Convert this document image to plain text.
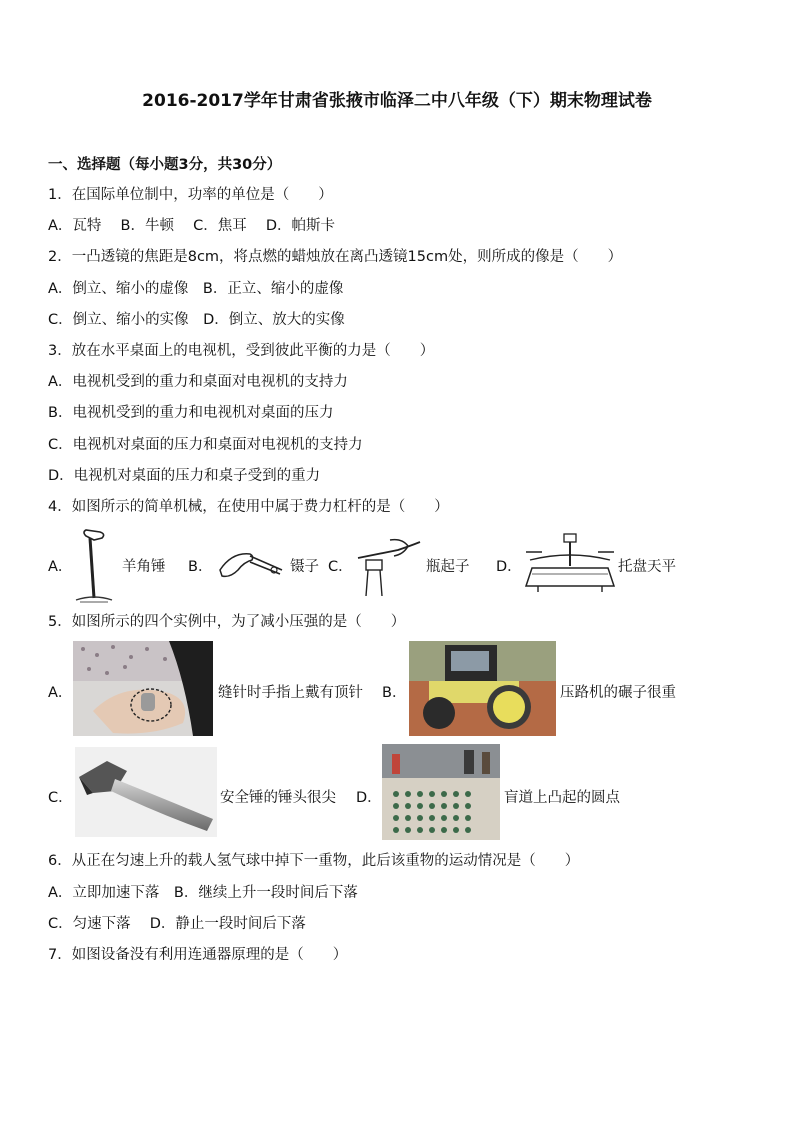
2016-2017学年甘肃省张掖市临泽二中八年级（下）期末物理试卷
一、选择题（每小题3分，共30分）
1．在国际单位制中，功率的单位是（　　）
A．瓦特　 B．牛顿　 C．焦耳　 D．帕斯卡
2．一凸透镜的焦距是8cm，将点燃的蜡烛放在离凸透镜15cm处，则所成的像是（　　）
A．倒立、缩小的虚像　B．正立、缩小的虚像
C．倒立、缩小的实像　D．倒立、放大的实像
3．放在水平桌面上的电视机，受到彼此平衡的力是（　　）
A．电视机受到的重力和桌面对电视机的支持力
B．电视机受到的重力和电视机对桌面的压力
C．电视机对桌面的压力和桌面对电视机的支持力
D．电视机对桌面的压力和桌子受到的重力
4．如图所示的简单机械，在使用中属于费力杠杆的是（　　）
A．	羊角锤 B．	镊子 C．	瓶起子 D．	托盘天平
5．如图所示的四个实例中，为了减小压强的是（　　）
A．	缝针时手指上戴有顶针 B．	压路机的碾子很重
C．	安全锤的锤头很尖 D．	盲道上凸起的圆点
6．从正在匀速上升的载人氢气球中掉下一重物，此后该重物的运动情况是（　　）
A．立即加速下落　B．继续上升一段时间后下落
C．匀速下落　 D．静止一段时间后下落
7．如图设备没有利用连通器原理的是（　　）
